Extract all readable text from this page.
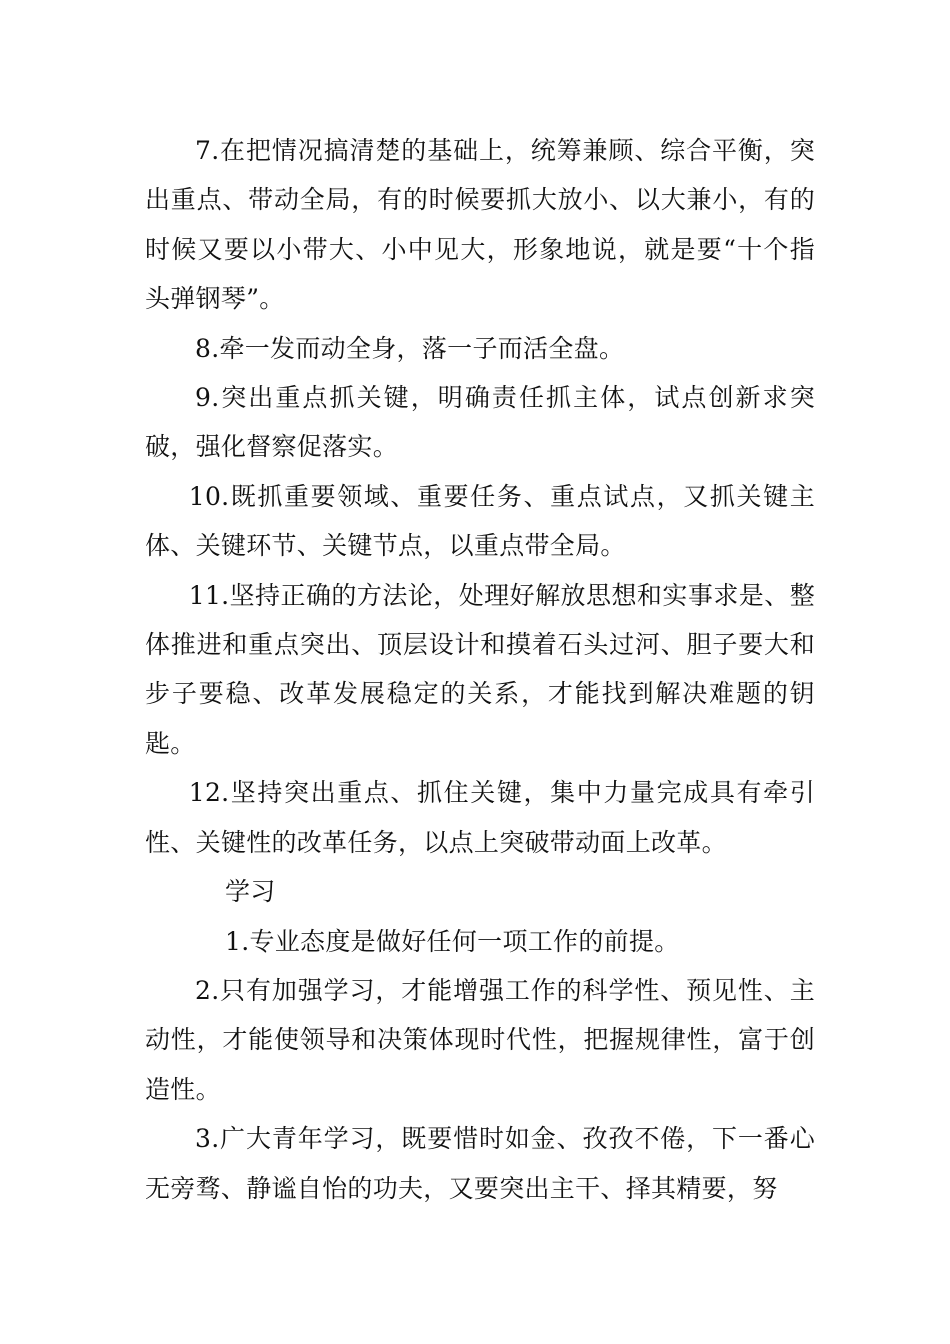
7.在把情况搞清楚的基础上，统筹兼顾、综合平衡，突出重点、带动全局，有的时候要抓大放小、以大兼小，有的时候又要以小带大、小中见大，形象地说，就是要“十个指头弹钢琴”。

8.牵一发而动全身，落一子而活全盘。

9.突出重点抓关键，明确责任抓主体，试点创新求突破，强化督察促落实。

10.既抓重要领域、重要任务、重点试点，又抓关键主体、关键环节、关键节点，以重点带全局。

11.坚持正确的方法论，处理好解放思想和实事求是、整体推进和重点突出、顶层设计和摸着石头过河、胆子要大和步子要稳、改革发展稳定的关系，才能找到解决难题的钥匙。

12.坚持突出重点、抓住关键，集中力量完成具有牵引性、关键性的改革任务，以点上突破带动面上改革。

学习

1.专业态度是做好任何一项工作的前提。

2.只有加强学习，才能增强工作的科学性、预见性、主动性，才能使领导和决策体现时代性，把握规律性，富于创造性。

3.广大青年学习，既要惜时如金、孜孜不倦，下一番心无旁骛、静谧自怡的功夫，又要突出主干、择其精要，努
